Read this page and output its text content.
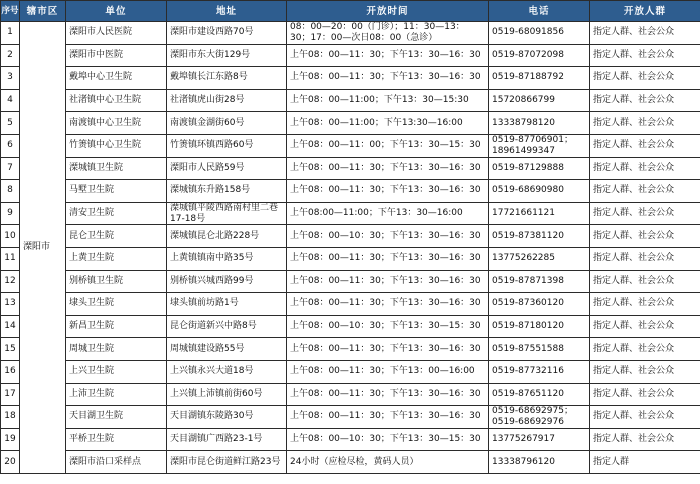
序号	辖市区	单位	地址	开放时间	电话	开放人群
1	溧阳市	溧阳市人民医院	溧阳市建设西路70号	08：00—20：00（门诊）；11：30—13：30；17：00—次日08：00（急诊）	0519-68091856	指定人群、社会公众
2		溧阳市中医院	溧阳市东大街129号	上午08：00—11：30；下午13：30—16：30	0519-87072098	指定人群、社会公众
3		戴埠中心卫生院	戴埠镇长江东路8号	上午08：00—11：30；下午13：30—16：30	0519-87188792	指定人群、社会公众
4		社渚镇中心卫生院	社渚镇虎山街28号	上午08：00—11:00；下午13：30—15:30	15720866799	指定人群、社会公众
5		南渡镇中心卫生院	南渡镇金湖街60号	上午08：00—11:00；下午13:30—16:00	13338798120	指定人群、社会公众
6		竹箦镇中心卫生院	竹箦镇环镇西路60号	上午08：00—11：00；下午13：30—15：30	0519-87706901；18961499347	指定人群、社会公众
7		溧城镇卫生院	溧阳市人民路59号	上午08：00—11：30；下午13：30—16：30	0519-87129888	指定人群、社会公众
8		马墅卫生院	溧城镇东升路158号	上午08：00—11：30；下午13：30—16：30	0519-68690980	指定人群、社会公众
9		清安卫生院	溧城镇平陵西路南村里二巷17-18号	上午08:00—11:00；下午13：30—16:00	17721661121	指定人群、社会公众
10		昆仑卫生院	溧城镇昆仑北路228号	上午08：00—10：30；下午13：30—16：30	0519-87381120	指定人群、社会公众
11		上黄卫生院	上黄镇镇南中路35号	上午08：00—11：30；下午13：30—16：30	13775262285	指定人群、社会公众
12		别桥镇卫生院	别桥镇兴城西路99号	上午08：00—11：30；下午13：30—16：30	0519-87871398	指定人群、社会公众
13		埭头卫生院	埭头镇前坊路1号	上午08：00—11：30；下午13：30—16：30	0519-87360120	指定人群、社会公众
14		新昌卫生院	昆仑街道新兴中路8号	上午08：00—10：30；下午13：30—15：30	0519-87180120	指定人群、社会公众
15		周城卫生院	周城镇建设路55号	上午08：00—11：30；下午13：30—16：30	0519-87551588	指定人群、社会公众
16		上兴卫生院	上兴镇永兴大道18号	上午08：00—11：30；下午13：00—16:00	0519-87732116	指定人群、社会公众
17		上沛卫生院	上兴镇上沛镇前街60号	上午08：00—11：30；下午13：30—16：30	0519-87651120	指定人群、社会公众
18		天目湖卫生院	天目湖镇东陵路30号	上午08：00—11：30；下午13：30—16：30	0519-68692975；0519-68692976	指定人群、社会公众
19		平桥卫生院	天目湖镇广西路23-1号	上午08：00—10：30；下午13：30—15：30	13775267917	指定人群、社会公众
20		溧阳市沿口采样点	溧阳市昆仑街道鲜江路23号	24小时（应检尽检，黄码人员）	13338796120	指定人群
